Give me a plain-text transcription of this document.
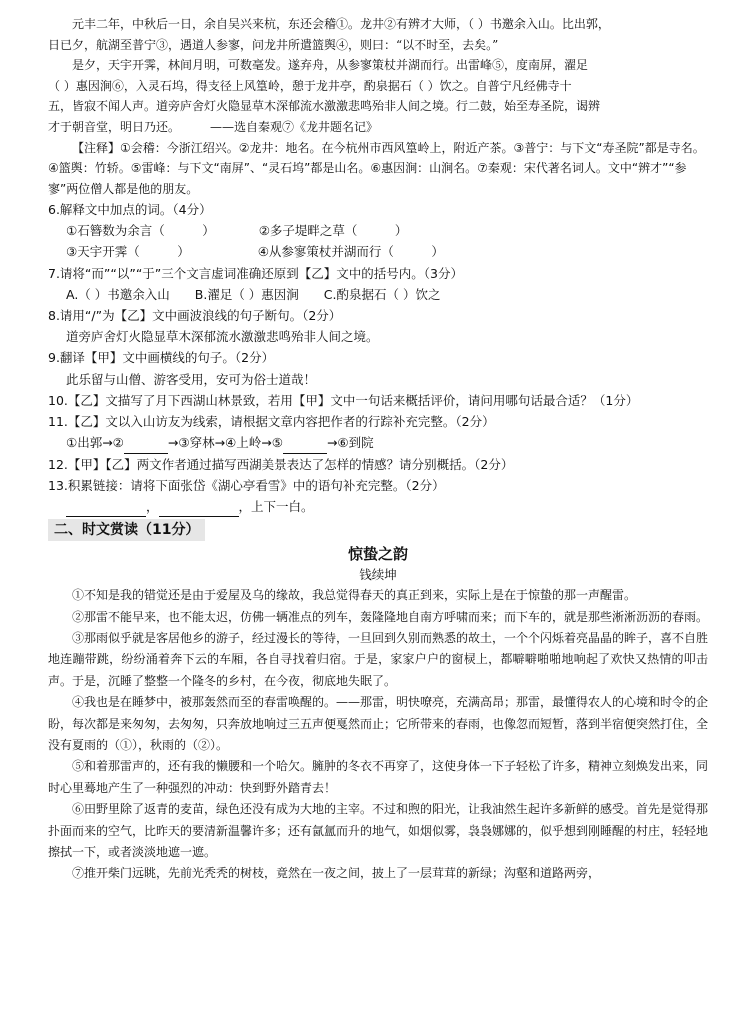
元丰二年，中秋后一日，余自吴兴来杭，东还会稽①。龙井②有辨才大师，（ ）书邀余入山。比出郭，
日已夕，航湖至普宁③，遇道人参寥，问龙井所遣篮舆④，则曰：“以不时至，去矣。”
是夕，天宇开霁，林间月明，可数毫发。遂弃舟，从参寥策杖并湖而行。出雷峰⑤，度南屏，濯足
（ ）惠因涧⑥，入灵石坞，得支径上风篁岭，憩于龙井亭，酌泉据石（ ）饮之。自普宁凡经佛寺十
五，皆寂不闻人声。道旁庐舍灯火隐显草木深郁流水激激悲鸣殆非人间之境。行二鼓，始至寿圣院，谒辨
才于朝音堂，明日乃还。　　　——选自秦观⑦《龙井题名记》
【注释】①会稽：今浙江绍兴。②龙井：地名。在今杭州市西风篁岭上，附近产茶。③普宁：与下文“寿圣院”都是寺名。④篮舆：竹轿。⑤雷峰：与下文“南屏”、“灵石坞”都是山名。⑥惠因涧：山涧名。⑦秦观：宋代著名词人。文中“辨才”“参寥”两位僧人都是他的朋友。
6.解释文中加点的词。（4分）
①石簪数为余言（　　　）	②多子堤畔之草（　　　）
③天宇开霁（　　　）	④从参寥策杖并湖而行（　　　）
7.请将“而”“以”“于”三个文言虚词准确还原到【乙】文中的括号内。（3分）
A.（ ）书邀余入山　　B.濯足（ ）惠因涧　　C.酌泉据石（ ）饮之
8.请用“/”为【乙】文中画波浪线的句子断句。（2分）
道旁庐舍灯火隐显草木深郁流水激激悲鸣殆非人间之境。
9.翻译【甲】文中画横线的句子。（2分）
此乐留与山僧、游客受用，安可为俗士道哉！
10.【乙】文描写了月下西湖山林景致，若用【甲】文中一句话来概括评价，请问用哪句话最合适？（1分）
11.【乙】文以入山访友为线索，请根据文章内容把作者的行踪补充完整。（2分）
①出郭→②	→③穿林→④上岭→⑤	→⑥到院
12.【甲】【乙】两文作者通过描写西湖美景表达了怎样的情感？请分别概括。（2分）
13.积累链接：请将下面张岱《湖心亭看雪》中的语句补充完整。（2分）
，	，上下一白。
二、时文赏读（11分）
惊蛰之韵
钱续坤
①不知是我的错觉还是由于爱屋及乌的缘故，我总觉得春天的真正到来，实际上是在于惊蛰的那一声醒雷。
②那雷不能早来，也不能太迟，仿佛一辆准点的列车，轰隆隆地自南方呼啸而来；而下车的，就是那些淅淅沥沥的春雨。
③那雨似乎就是客居他乡的游子，经过漫长的等待，一旦回到久别而熟悉的故土，一个个闪烁着亮晶晶的眸子，喜不自胜地连蹦带跳，纷纷涌着奔下云的车厢，各自寻找着归宿。于是，家家户户的窗棂上，都噼噼啪啪地响起了欢快又热情的叩击声。于是，沉睡了整整一个隆冬的乡村，在今夜，彻底地失眠了。
④我也是在睡梦中，被那轰然而至的春雷唤醒的。——那雷，明快嘹亮，充满高昂；那雷，最懂得农人的心境和时令的企盼，每次都是来匆匆，去匆匆，只奔放地响过三五声便戛然而止；它所带来的春雨，也像忽而短暂，落到半宿便突然打住，全没有夏雨的（①），秋雨的（②）。
⑤和着那雷声的，还有我的懒腰和一个哈欠。臃肿的冬衣不再穿了，这使身体一下子轻松了许多，精神立刻焕发出来，同时心里蓦地产生了一种强烈的冲动：快到野外踏青去！
⑥田野里除了返青的麦苗，绿色还没有成为大地的主宰。不过和煦的阳光，让我油然生起许多新鲜的感受。首先是觉得那扑面而来的空气，比昨天的要清新温馨许多；还有氤氲而升的地气，如烟似雾，袅袅娜娜的，似乎想到刚睡醒的村庄，轻轻地擦拭一下，或者淡淡地遮一遮。
⑦推开柴门远眺，先前光秃秃的树枝，竟然在一夜之间，披上了一层茸茸的新绿；沟壑和道路两旁，
